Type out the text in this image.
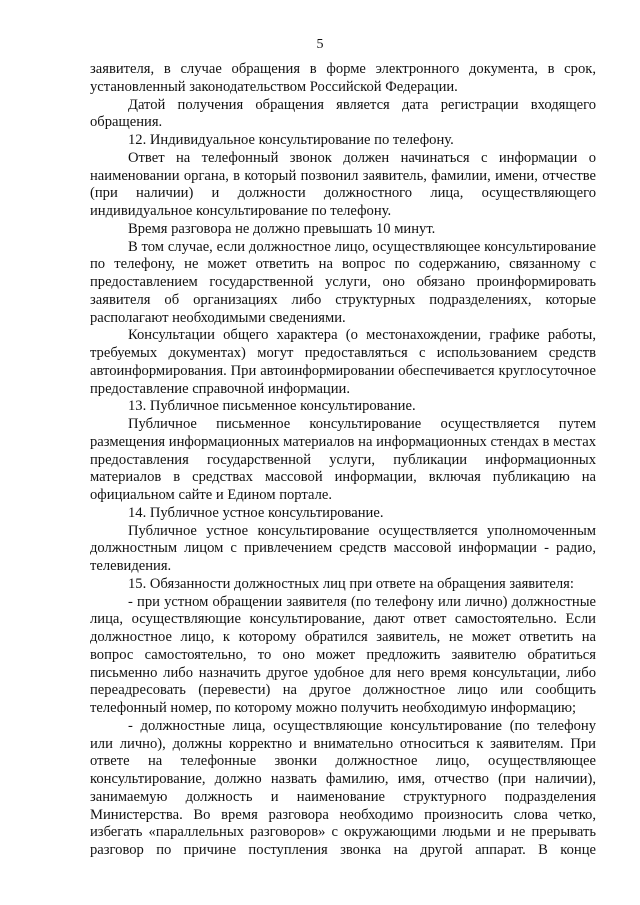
5

заявителя, в случае обращения в форме электронного документа, в срок, установленный законодательством Российской Федерации.

Датой получения обращения является дата регистрации входящего обращения.

12. Индивидуальное консультирование по телефону.

Ответ на телефонный звонок должен начинаться с информации о наименовании органа, в который позвонил заявитель, фамилии, имени, отчестве (при наличии) и должности должностного лица, осуществляющего индивидуальное консультирование по телефону.

Время разговора не должно превышать 10 минут.

В том случае, если должностное лицо, осуществляющее консультирование по телефону, не может ответить на вопрос по содержанию, связанному с предоставлением государственной услуги, оно обязано проинформировать заявителя об организациях либо структурных подразделениях, которые располагают необходимыми сведениями.

Консультации общего характера (о местонахождении, графике работы, требуемых документах) могут предоставляться с использованием средств автоинформирования. При автоинформировании обеспечивается круглосуточное предоставление справочной информации.

13. Публичное письменное консультирование.

Публичное письменное консультирование осуществляется путем размещения информационных материалов на информационных стендах в местах предоставления государственной услуги, публикации информационных материалов в средствах массовой информации, включая публикацию на официальном сайте и Едином портале.

14. Публичное устное консультирование.

Публичное устное консультирование осуществляется уполномоченным должностным лицом с привлечением средств массовой информации - радио, телевидения.

15. Обязанности должностных лиц при ответе на обращения заявителя:

- при устном обращении заявителя (по телефону или лично) должностные лица, осуществляющие консультирование, дают ответ самостоятельно. Если должностное лицо, к которому обратился заявитель, не может ответить на вопрос самостоятельно, то оно может предложить заявителю обратиться письменно либо назначить другое удобное для него время консультации, либо переадресовать (перевести) на другое должностное лицо или сообщить телефонный номер, по которому можно получить необходимую информацию;

- должностные лица, осуществляющие консультирование (по телефону или лично), должны корректно и внимательно относиться к заявителям. При ответе на телефонные звонки должностное лицо, осуществляющее консультирование, должно назвать фамилию, имя, отчество (при наличии), занимаемую должность и наименование структурного подразделения Министерства. Во время разговора необходимо произносить слова четко, избегать «параллельных разговоров» с окружающими людьми и не прерывать разговор по причине поступления звонка на другой аппарат. В конце
